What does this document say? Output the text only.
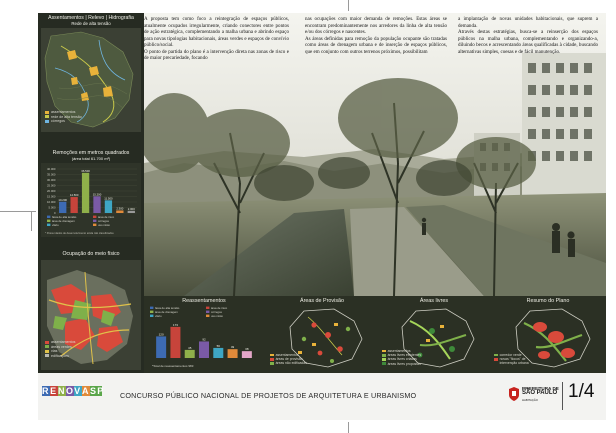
Assentamentos | Relevo | Hidrografia
Rede de alta tensão
assentamentos
rede de alta tensão
córregos
Remoções em metros quadrados
(área total 61.700 m²)
40.000
35.000
30.000
25.000
20.000
15.000
10.000
5.000
0
10.200
14.500
36.500
15.200
11.500
2.300 2.000
faixa de alta tensão	área de risco
área de drenagem	córregos
viário	uso misto
* Possui dados de desenvolvimento ainda não classificados
Ocupação do meio físico
assentamentos
áreas verdes
vias
edificações

A proposta tem como foco a reintegração de espaços públicos, atualmente ocupados irregularmente, criando conectores entre pontos de ação estratégica, complementando a malha urbana e abrindo espaço para novas tipologias habitacionais, áreas verdes e espaços de convívio público/social.

O ponto de partida do plano é a intervenção direta nas zonas de risco e de maior precariedade, focando

nas ocupações com maior demanda de remoções. Estas áreas se encontram predominantemente nos arredores da linha de alta tensão e/ou dos córregos e nascentes.

As áreas definidas para remoção da população ocupante são tratadas como áreas de drenagem urbana e de inserção de espaços públicos, que em conjunto com outros terrenos próximos, possibilitam

a implantação de novas unidades habitacionais, que suprem a demanda.

Através destas estratégias, busca-se a reinserção dos espaços públicos na malha urbana, complementando e organizando-a, diluindo becos e acrescentando áreas qualificadas à cidade, buscando alternativas simples, coesas e de fácil manutenção.

Reassentamentos
faixa de alta tensão	área de risco
área de drenagem	córregos
viário	uso misto
120
173
45
92
56	49	38
*Total de reassentamentos 983
Áreas de Provisão
assentamentos
áreas de provisão
áreas não edificadas
Áreas livres
assentamentos
áreas livres existentes
áreas livres criadas
áreas livres propostas
Resumo do Plano
corredor verde
novas "flocos" de
intervenção urbana
RENOVASP CONCURSO PÚBLICO NACIONAL DE PROJETOS DE ARQUITETURA E URBANISMO
PREFEITURA DE
SÃO PAULO
HABITAÇÃO 1/4
